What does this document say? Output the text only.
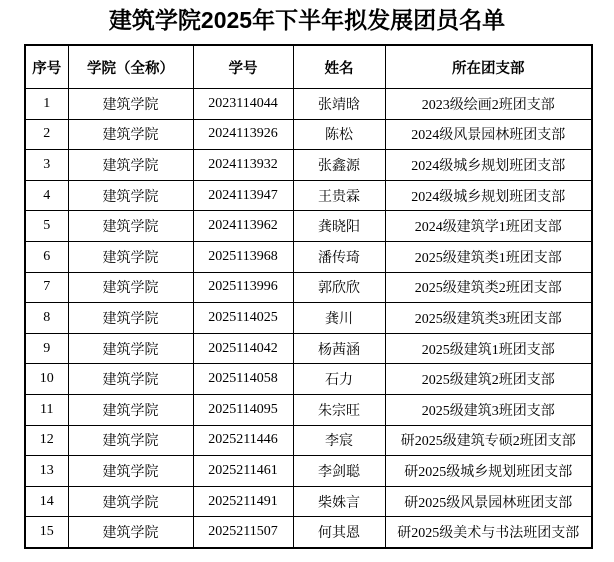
建筑学院2025年下半年拟发展团员名单
序号	学院（全称）	学号	姓名	所在团支部
1	建筑学院	2023114044	张靖晗	2023级绘画2班团支部
2	建筑学院	2024113926	陈松	2024级风景园林班团支部
3	建筑学院	2024113932	张鑫源	2024级城乡规划班团支部
4	建筑学院	2024113947	王贵霖	2024级城乡规划班团支部
5	建筑学院	2024113962	龚晓阳	2024级建筑学1班团支部
6	建筑学院	2025113968	潘传琦	2025级建筑类1班团支部
7	建筑学院	2025113996	郭欣欣	2025级建筑类2班团支部
8	建筑学院	2025114025	龚川	2025级建筑类3班团支部
9	建筑学院	2025114042	杨茜涵	2025级建筑1班团支部
10	建筑学院	2025114058	石力	2025级建筑2班团支部
11	建筑学院	2025114095	朱宗旺	2025级建筑3班团支部
12	建筑学院	2025211446	李宸	研2025级建筑专硕2班团支部
13	建筑学院	2025211461	李剑聪	研2025级城乡规划班团支部
14	建筑学院	2025211491	柴姝言	研2025级风景园林班团支部
15	建筑学院	2025211507	何其恩	研2025级美术与书法班团支部
